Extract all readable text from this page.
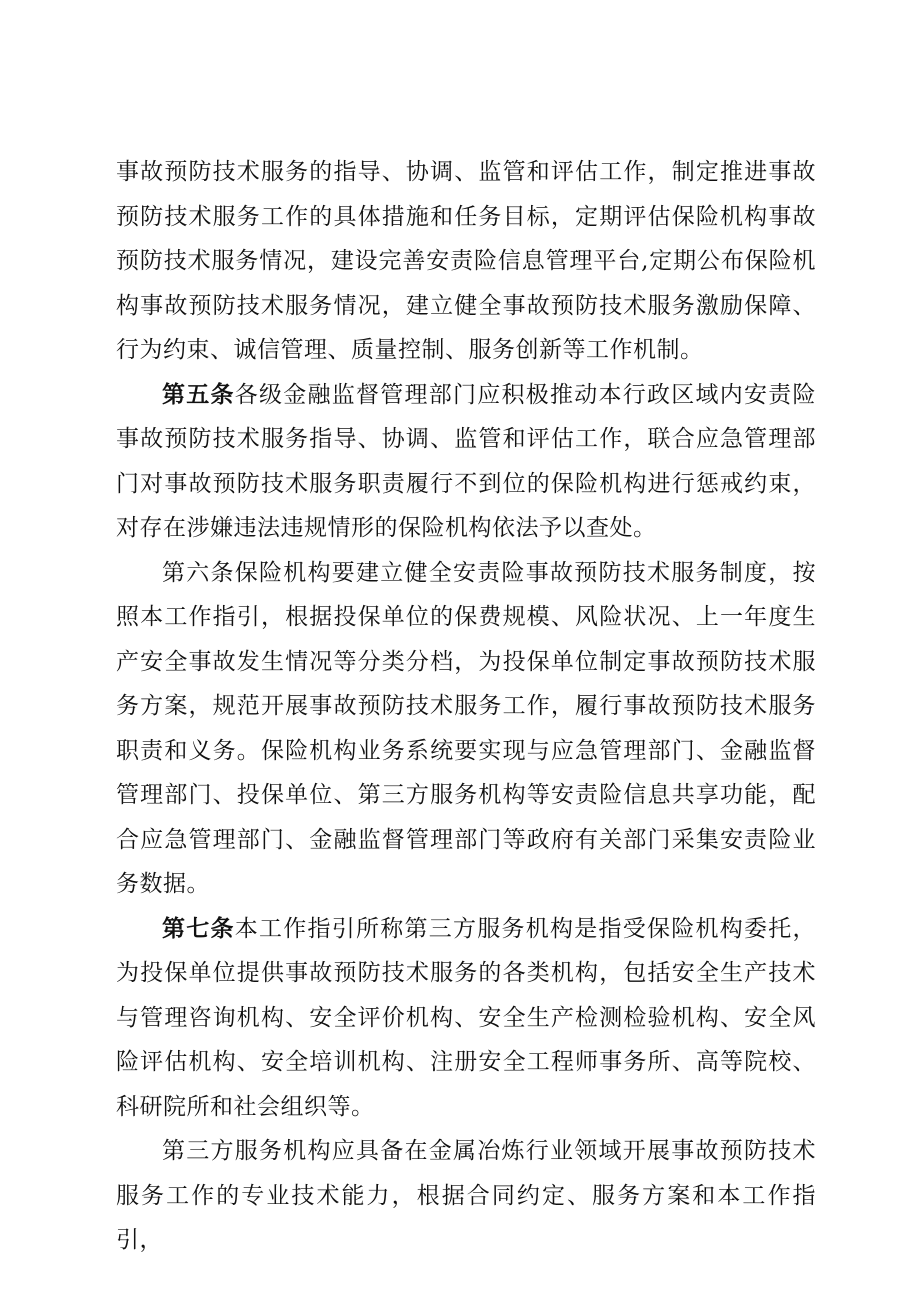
事故预防技术服务的指导、协调、监管和评估工作，制定推进事故预防技术服务工作的具体措施和任务目标，定期评估保险机构事故预防技术服务情况，建设完善安责险信息管理平台,定期公布保险机构事故预防技术服务情况，建立健全事故预防技术服务激励保障、行为约束、诚信管理、质量控制、服务创新等工作机制。

第五条各级金融监督管理部门应积极推动本行政区域内安责险事故预防技术服务指导、协调、监管和评估工作，联合应急管理部门对事故预防技术服务职责履行不到位的保险机构进行惩戒约束，对存在涉嫌违法违规情形的保险机构依法予以查处。

第六条保险机构要建立健全安责险事故预防技术服务制度，按照本工作指引，根据投保单位的保费规模、风险状况、上一年度生产安全事故发生情况等分类分档，为投保单位制定事故预防技术服务方案，规范开展事故预防技术服务工作，履行事故预防技术服务职责和义务。保险机构业务系统要实现与应急管理部门、金融监督管理部门、投保单位、第三方服务机构等安责险信息共享功能，配合应急管理部门、金融监督管理部门等政府有关部门采集安责险业务数据。

第七条本工作指引所称第三方服务机构是指受保险机构委托，为投保单位提供事故预防技术服务的各类机构，包括安全生产技术与管理咨询机构、安全评价机构、安全生产检测检验机构、安全风险评估机构、安全培训机构、注册安全工程师事务所、高等院校、科研院所和社会组织等。

第三方服务机构应具备在金属冶炼行业领域开展事故预防技术服务工作的专业技术能力，根据合同约定、服务方案和本工作指引，
